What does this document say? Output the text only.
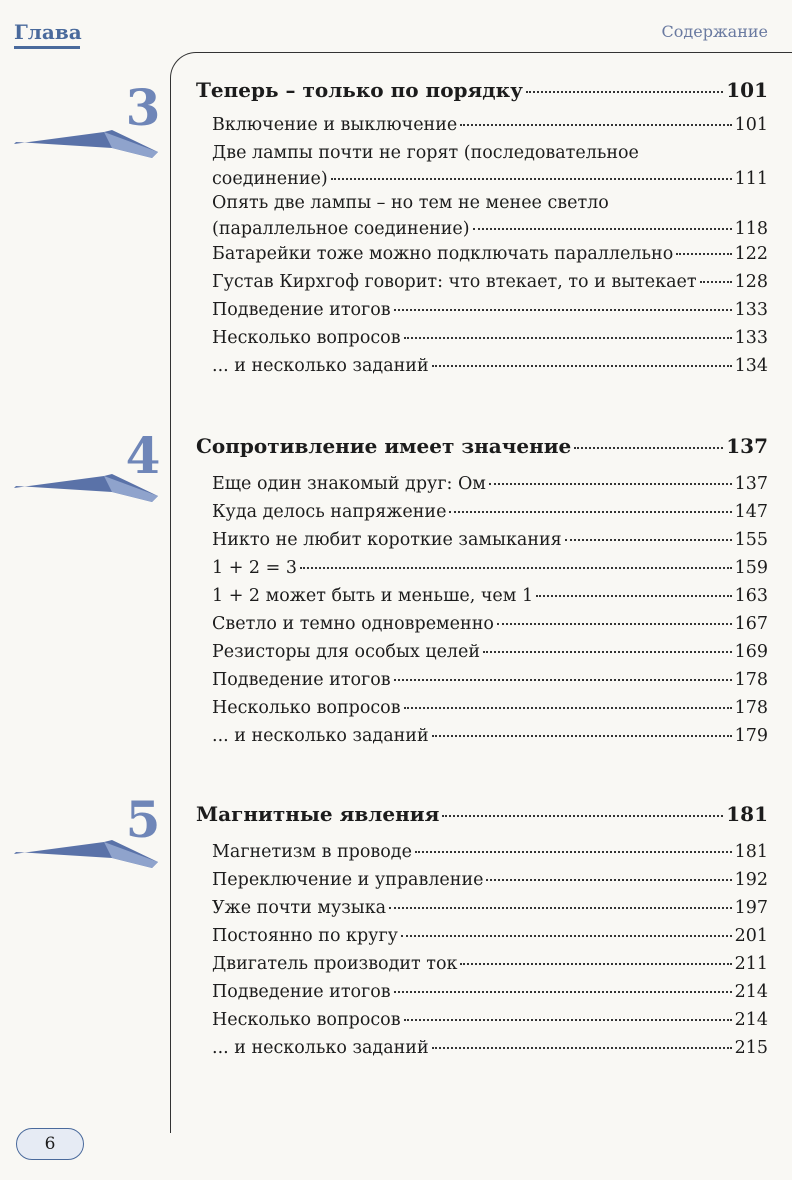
Глава	Содержание
3 Теперь – только по порядку	101
Включение и выключение	101
Две лампы почти не горят (последовательное
соединение)	111
Опять две лампы – но тем не менее светло
(параллельное соединение)	118
Батарейки тоже можно подключать параллельно	122
Густав Кирхгоф говорит: что втекает, то и вытекает 128
Подведение итогов	133
Несколько вопросов	133
... и несколько заданий	134
4 Сопротивление имеет значение	137
Еще один знакомый друг: Ом	137
Куда делось напряжение	147
Никто не любит короткие замыкания	155
1 + 2 = 3	159
1 + 2 может быть и меньше, чем 1	163
Светло и темно одновременно	167
Резисторы для особых целей	169
Подведение итогов	178
Несколько вопросов	178
... и несколько заданий	179
5 Магнитные явления	181
Магнетизм в проводе	181
Переключение и управление	192
Уже почти музыка	197
Постоянно по кругу	201
Двигатель производит ток	211
Подведение итогов	214
Несколько вопросов	214
... и несколько заданий	215
6
